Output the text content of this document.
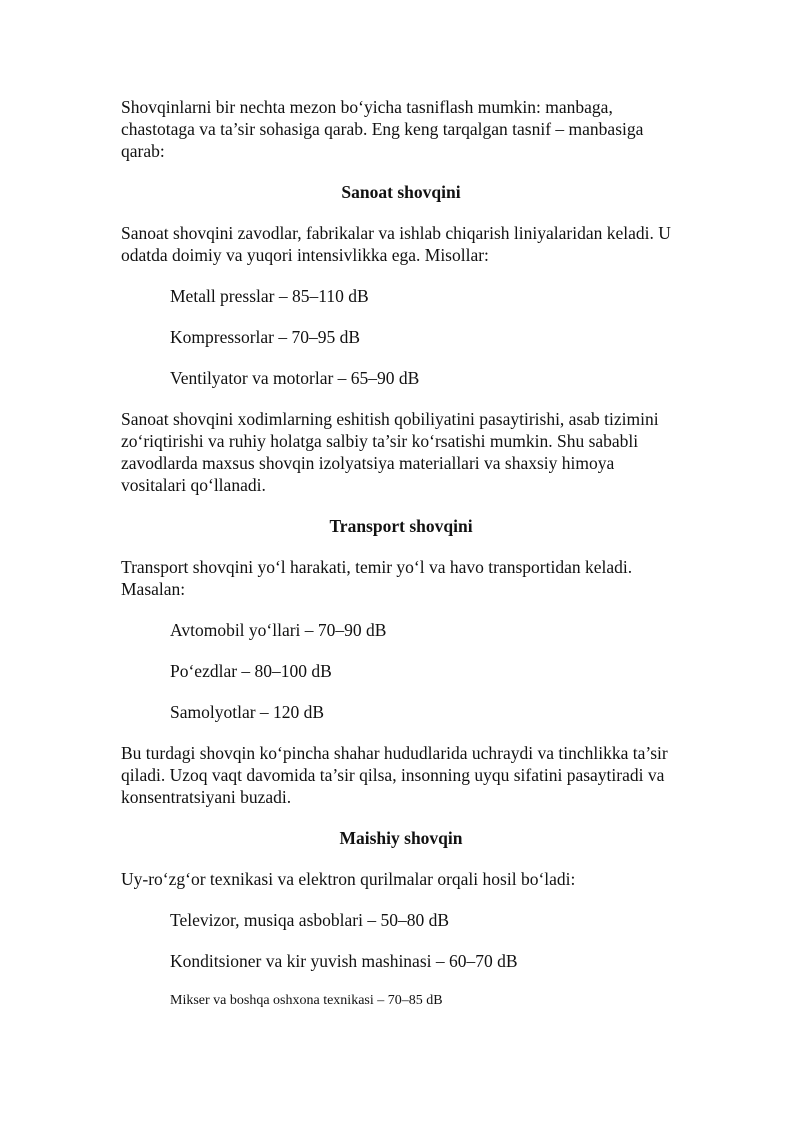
Shovqinlarni bir nechta mezon bo‘yicha tasniflash mumkin: manbaga, chastotaga va ta’sir sohasiga qarab. Eng keng tarqalgan tasnif – manbasiga qarab:

Sanoat shovqini

Sanoat shovqini zavodlar, fabrikalar va ishlab chiqarish liniyalaridan keladi. U odatda doimiy va yuqori intensivlikka ega. Misollar:

Metall presslar – 85–110 dB

Kompressorlar – 70–95 dB

Ventilyator va motorlar – 65–90 dB

Sanoat shovqini xodimlarning eshitish qobiliyatini pasaytirishi, asab tizimini zo‘riqtirishi va ruhiy holatga salbiy ta’sir ko‘rsatishi mumkin. Shu sababli zavodlarda maxsus shovqin izolyatsiya materiallari va shaxsiy himoya vositalari qo‘llanadi.

Transport shovqini

Transport shovqini yo‘l harakati, temir yo‘l va havo transportidan keladi. Masalan:

Avtomobil yo‘llari – 70–90 dB

Po‘ezdlar – 80–100 dB

Samolyotlar – 120 dB

Bu turdagi shovqin ko‘pincha shahar hududlarida uchraydi va tinchlikka ta’sir qiladi. Uzoq vaqt davomida ta’sir qilsa, insonning uyqu sifatini pasaytiradi va konsentratsiyani buzadi.

Maishiy shovqin

Uy-ro‘zg‘or texnikasi va elektron qurilmalar orqali hosil bo‘ladi:

Televizor, musiqa asboblari – 50–80 dB

Konditsioner va kir yuvish mashinasi – 60–70 dB

Mikser va boshqa oshxona texnikasi – 70–85 dB
